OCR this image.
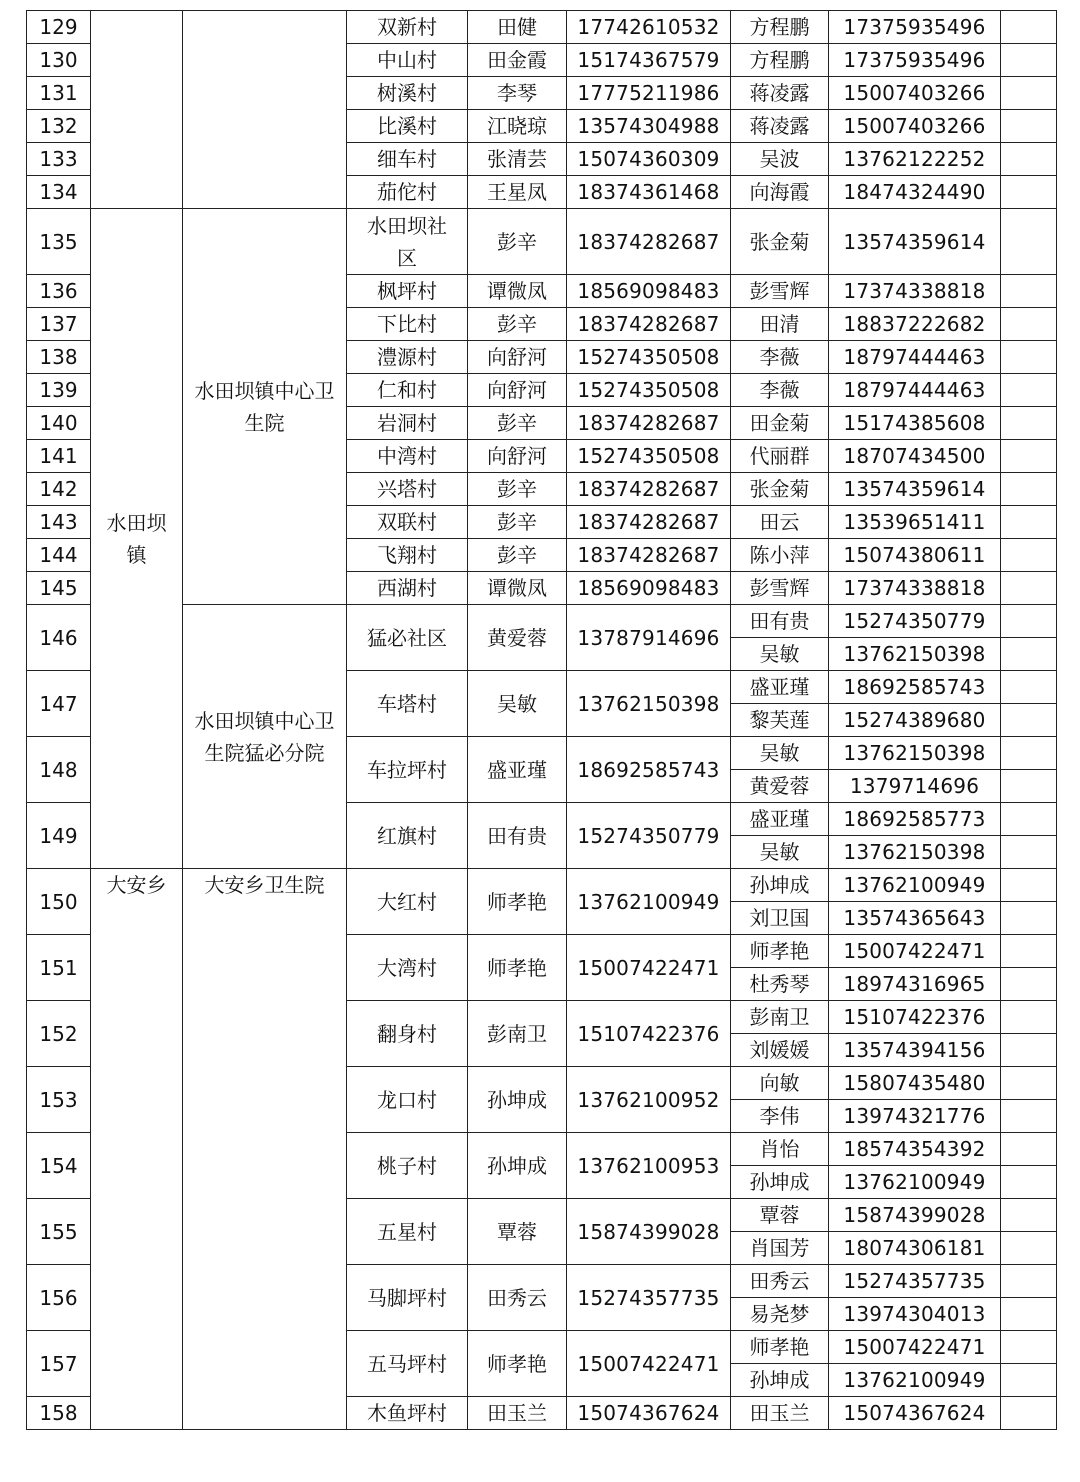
129			双新村	田健	17742610532	方程鹏	17375935496	
130			中山村	田金霞	15174367579	方程鹏	17375935496	
131			树溪村	李琴	17775211986	蒋凌露	15007403266	
132			比溪村	江晓琼	13574304988	蒋凌露	15007403266	
133			细车村	张清芸	15074360309	吴波	13762122252	
134			茄佗村	王星凤	18374361468	向海霞	18474324490	
135	水田坝镇	水田坝镇中心卫生院	水田坝社区	彭辛	18374282687	张金菊	13574359614	
136			枫坪村	谭微凤	18569098483	彭雪辉	17374338818	
137			下比村	彭辛	18374282687	田清	18837222682	
138			澧源村	向舒河	15274350508	李薇	18797444463	
139			仁和村	向舒河	15274350508	李薇	18797444463	
140			岩洞村	彭辛	18374282687	田金菊	15174385608	
141			中湾村	向舒河	15274350508	代丽群	18707434500	
142			兴塔村	彭辛	18374282687	张金菊	13574359614	
143			双联村	彭辛	18374282687	田云	13539651411	
144			飞翔村	彭辛	18374282687	陈小萍	15074380611	
145			西湖村	谭微凤	18569098483	彭雪辉	17374338818	
146		水田坝镇中心卫生院猛必分院	猛必社区	黄爱蓉	13787914696	田有贵	15274350779	
						吴敏	13762150398	
147			车塔村	吴敏	13762150398	盛亚瑾	18692585743	
						黎芙莲	15274389680	
148			车拉坪村	盛亚瑾	18692585743	吴敏	13762150398	
						黄爱蓉	1379714696	
149			红旗村	田有贵	15274350779	盛亚瑾	18692585773	
						吴敏	13762150398	
150	大安乡	大安乡卫生院	大红村	师孝艳	13762100949	孙坤成	13762100949	
						刘卫国	13574365643	
151			大湾村	师孝艳	15007422471	师孝艳	15007422471	
						杜秀琴	18974316965	
152			翻身村	彭南卫	15107422376	彭南卫	15107422376	
						刘媛媛	13574394156	
153			龙口村	孙坤成	13762100952	向敏	15807435480	
						李伟	13974321776	
154			桃子村	孙坤成	13762100953	肖怡	18574354392	
						孙坤成	13762100949	
155			五星村	覃蓉	15874399028	覃蓉	15874399028	
						肖国芳	18074306181	
156			马脚坪村	田秀云	15274357735	田秀云	15274357735	
						易尧梦	13974304013	
157			五马坪村	师孝艳	15007422471	师孝艳	15007422471	
						孙坤成	13762100949	
158			木鱼坪村	田玉兰	15074367624	田玉兰	15074367624	
